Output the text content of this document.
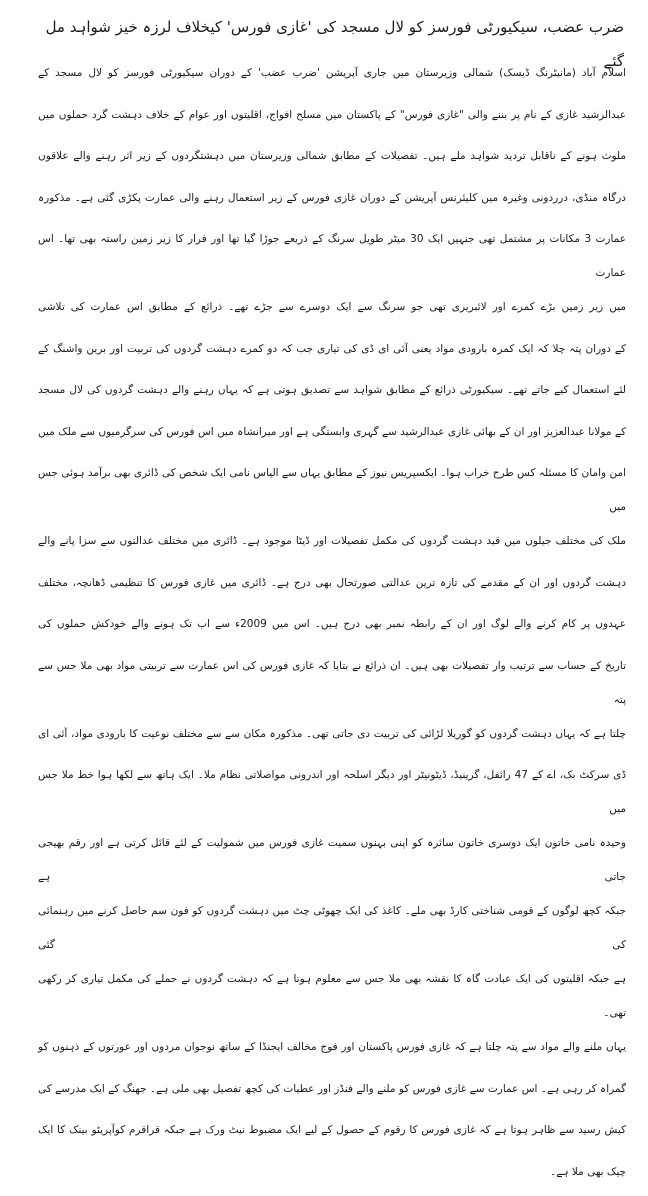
ضرب عضب، سیکیورٹی فورسز کو لال مسجد کی 'غازی فورس' کیخلاف لرزہ خیز شواہد مل گئے
اسلام آباد (مانیٹرنگ ڈیسک) شمالی وزیرستان میں جاری آپریشن 'ضرب عضب' کے دوران سیکیورٹی فورسز کو لال مسجد کے
عبدالرشید غازی کے نام پر بننے والی "غازی فورس" کے پاکستان میں مسلح افواج، اقلیتوں اور عوام کے خلاف دہشت گرد حملوں میں
ملوث ہونے کے ناقابل تردید شواہد ملے ہیں۔ تفصیلات کے مطابق شمالی وزیرستان میں دہشتگردوں کے زیر اثر رہنے والے علاقوں
درگاہ منڈی، درردونی وغیرہ میں کلیئرنس آپریشن کے دوران غازی فورس کے زیر استعمال رہنے والی عمارت پکڑی گئی ہے۔ مذکورہ
عمارت 3 مکانات پر مشتمل تھی جنہیں ایک 30 میٹر طویل سرنگ کے ذریعے جوڑا گیا تھا اور فرار کا زیر زمین راستہ بھی تھا۔ اس عمارت
میں زیر زمین بڑے کمرے اور لائبریری تھی جو سرنگ سے ایک دوسرے سے جڑے تھے۔ ذرائع کے مطابق اس عمارت کی تلاشی
کے دوران پتہ چلا کہ ایک کمرہ بارودی مواد یعنی آئی ای ڈی کی تیاری جب کہ دو کمرے دہشت گردوں کی تربیت اور برین واشنگ کے
لئے استعمال کیے جاتے تھے۔ سیکیورٹی ذرائع کے مطابق شواہد سے تصدیق ہوتی ہے کہ یہاں رہنے والے دہشت گردوں کی لال مسجد
کے مولانا عبدالعزیز اور ان کے بھائی غازی عبدالرشید سے گہری وابستگی ہے اور میرانشاہ میں اس فورس کی سرگرمیوں سے ملک میں
امن وامان کا مسئلہ کس طرح خراب ہوا۔ ایکسپریس نیوز کے مطابق یہاں سے الیاس نامی ایک شخص کی ڈائری بھی برآمد ہوئی جس میں
ملک کی مختلف جیلوں میں قید دہشت گردوں کی مکمل تفصیلات اور ڈیٹا موجود ہے۔ ڈائری میں مختلف عدالتوں سے سزا پانے والے
دہشت گردوں اور ان کے مقدمے کی تازہ ترین عدالتی صورتحال بھی درج ہے۔ ڈائری میں غازی فورس کا تنظیمی ڈھانچہ، مختلف
عہدوں پر کام کرنے والے لوگ اور ان کے رابطہ نمبر بھی درج ہیں۔ اس میں 2009ء سے اب تک ہونے والے خودکش حملوں کی
تاریخ کے حساب سے ترتیب وار تفصیلات بھی ہیں۔ ان ذرائع نے بتایا کہ غازی فورس کی اس عمارت سے تربیتی مواد بھی ملا جس سے پتہ
چلتا ہے کہ یہاں دہشت گردوں کو گوریلا لڑائی کی تربیت دی جاتی تھی۔ مذکورہ مکان سے سے مختلف نوعیت کا بارودی مواد، آئی ای
ڈی سرکٹ بک، اے کے 47 رائفل، گرینیڈ، ڈیٹونیٹر اور دیگر اسلحہ اور اندرونی مواصلاتی نظام ملا۔ ایک ہاتھ سے لکھا ہوا خط ملا جس میں
وحیدہ نامی خاتون ایک دوسری خاتون سائرہ کو اپنی بہنوں سمیت غازی فورس میں شمولیت کے لئے قائل کرتی ہے اور رقم بھیجی جاتی ہے
جبکہ کچھ لوگوں کے قومی شناختی کارڈ بھی ملے۔ کاغذ کی ایک چھوٹی چٹ میں دہشت گردوں کو فون سم حاصل کرنے میں رہنمائی کی گئی
ہے جبکہ اقلیتوں کی ایک عبادت گاہ کا نقشہ بھی ملا جس سے معلوم ہوتا ہے کہ دہشت گردوں نے حملے کی مکمل تیاری کر رکھی تھی۔
یہاں ملنے والے مواد سے پتہ چلتا ہے کہ غازی فورس پاکستان اور فوج مخالف ایجنڈا کے ساتھ نوجوان مردوں اور عورتوں کے ذہنوں کو
گمراہ کر رہی ہے۔ اس عمارت سے غازی فورس کو ملنے والے فنڈز اور عطیات کی کچھ تفصیل بھی ملی ہے۔ جھنگ کے ایک مدرسے کی
کیش رسید سے ظاہر ہوتا ہے کہ غازی فورس کا رقوم کے حصول کے لیے ایک مضبوط نیٹ ورک ہے جبکہ قراقرم کوآپریٹو بینک کا ایک
چیک بھی ملا ہے۔
